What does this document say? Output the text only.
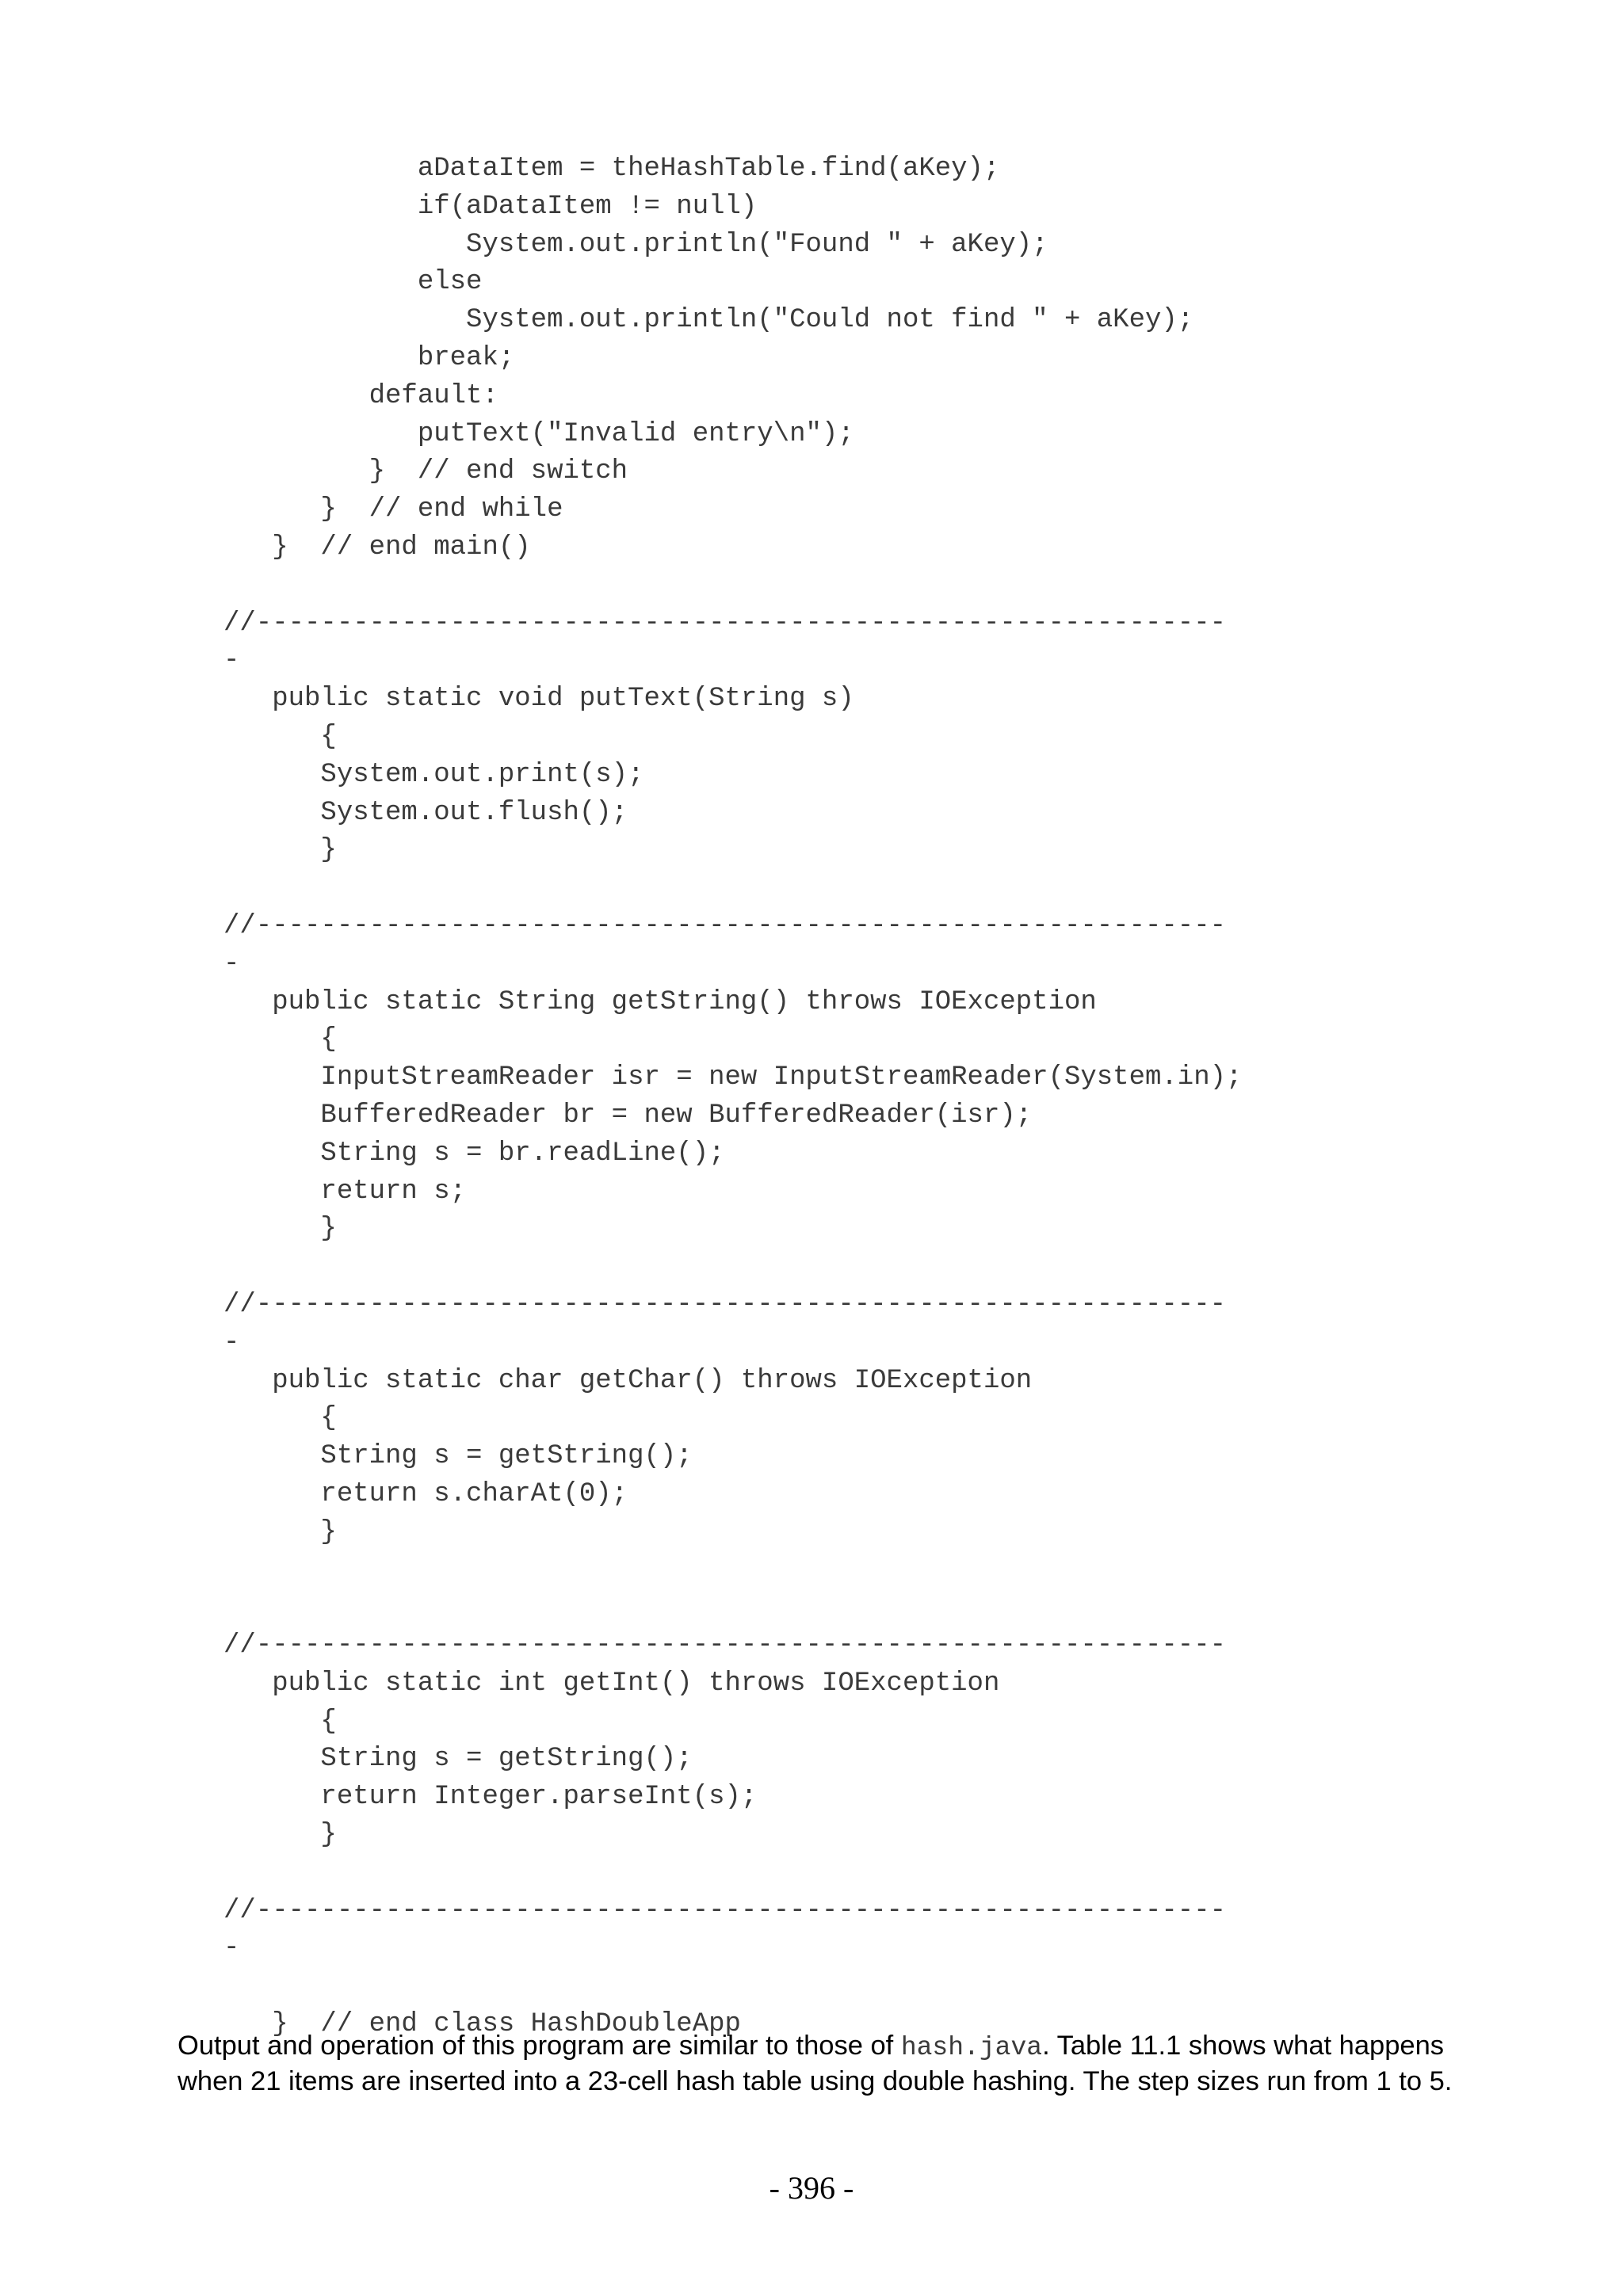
aDataItem = theHashTable.find(aKey);
if(aDataItem != null)
System.out.println("Found " + aKey);
else
System.out.println("Could not find " + aKey);
break;
default:
putText("Invalid entry\n");
}  // end switch
}  // end while
}  // end main()
//------------------------------------------------------------
-
public static void putText(String s)
{
System.out.print(s);
System.out.flush();
}
//------------------------------------------------------------
-
public static String getString() throws IOException
{
InputStreamReader isr = new InputStreamReader(System.in);
BufferedReader br = new BufferedReader(isr);
String s = br.readLine();
return s;
}
//------------------------------------------------------------
-
public static char getChar() throws IOException
{
String s = getString();
return s.charAt(0);
}
//------------------------------------------------------------
public static int getInt() throws IOException
{
String s = getString();
return Integer.parseInt(s);
}
//------------------------------------------------------------
-
}  // end class HashDoubleApp

Output and operation of this program are similar to those of hash.java. Table 11.1 shows what happens when 21 items are inserted into a 23-cell hash table using double hashing. The step sizes run from 1 to 5.

- 396 -
